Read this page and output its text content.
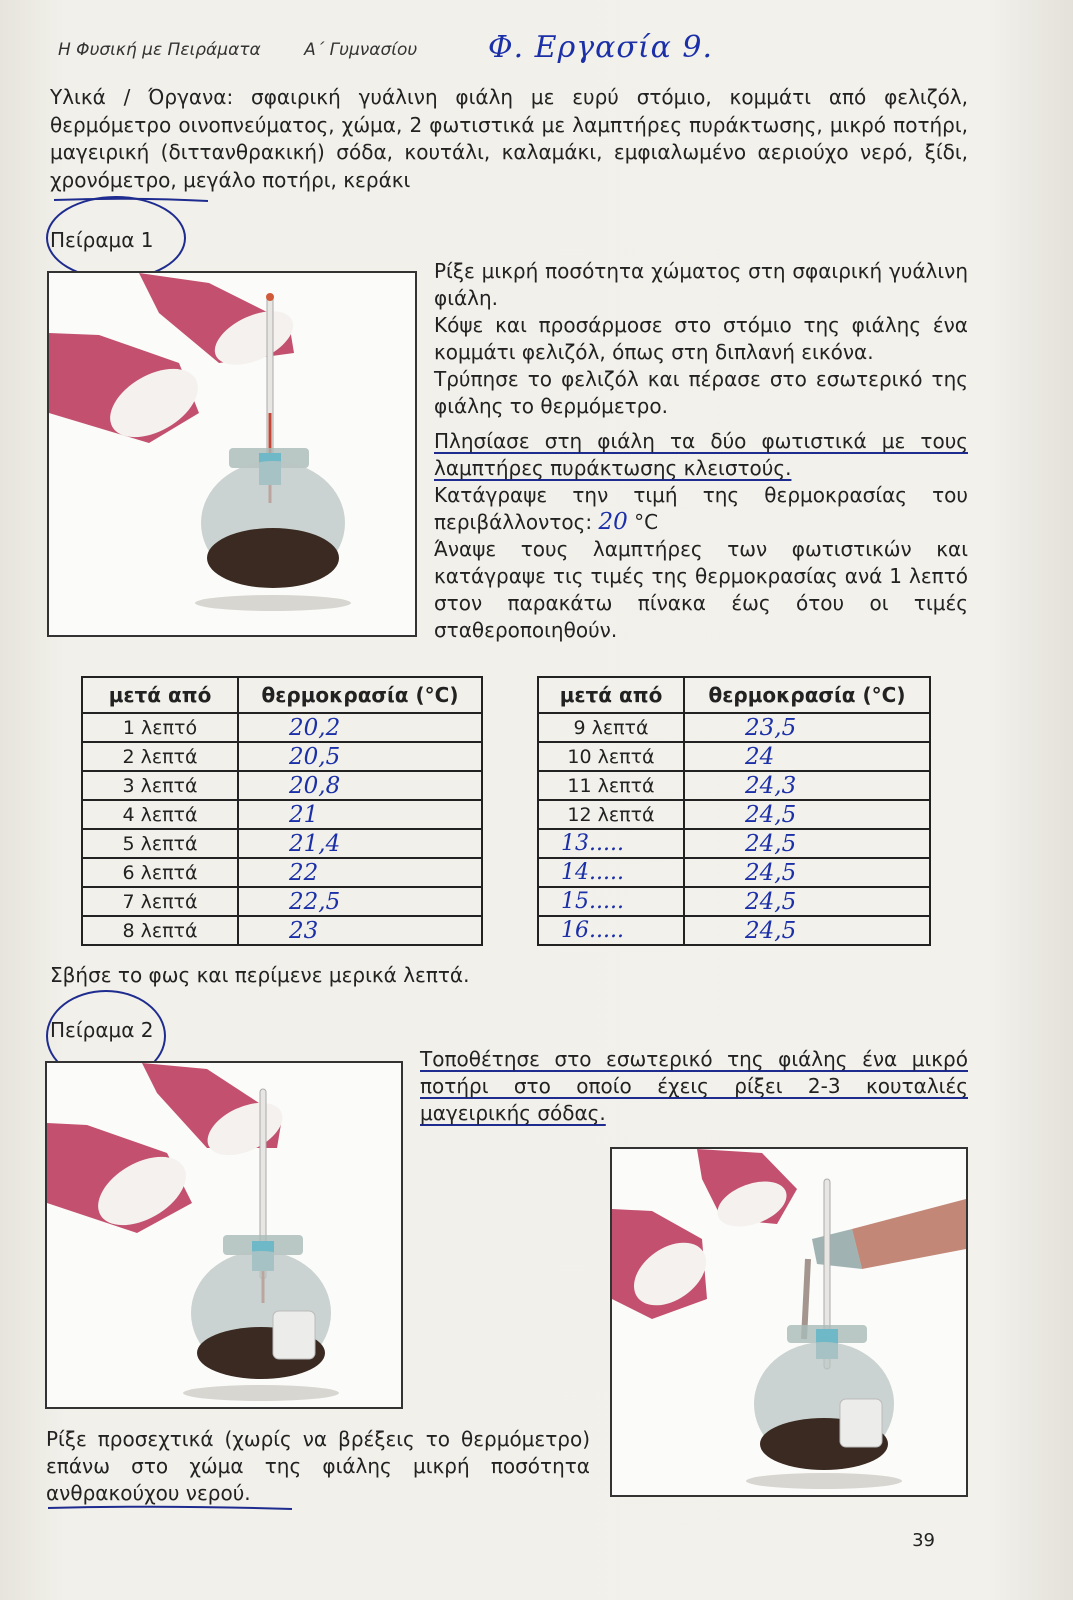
Η Φυσική με Πειράματα	Α΄ Γυμνασίου	Φ. Εργασία 9.
Υλικά / Όργανα: σφαιρική γυάλινη φιάλη με ευρύ στόμιο, κομμάτι από φελιζόλ, θερμόμετρο οινοπνεύματος, χώμα, 2 φωτιστικά με λαμπτήρες πυράκτωσης, μικρό ποτήρι, μαγειρική (διττανθρακική) σόδα, κουτάλι, καλαμάκι, εμφιαλωμένο αεριούχο νερό, ξίδι, χρονόμετρο, μεγάλο ποτήρι, κεράκι
Πείραμα 1

Ρίξε μικρή ποσότητα χώματος στη σφαιρική γυάλινη φιάλη.

Κόψε και προσάρμοσε στο στόμιο της φιάλης ένα κομμάτι φελιζόλ, όπως στη διπλανή εικόνα.

Τρύπησε το φελιζόλ και πέρασε στο εσωτερικό της φιάλης το θερμόμετρο.

Πλησίασε στη φιάλη τα δύο φωτιστικά με τους λαμπτήρες πυράκτωσης κλειστούς.

Κατάγραψε την τιμή της θερμοκρασίας του περιβάλλοντος: 20 °C

Άναψε τους λαμπτήρες των φωτιστικών και κατάγραψε τις τιμές της θερμοκρασίας ανά 1 λεπτό στον παρακάτω πίνακα έως ότου οι τιμές σταθεροποιηθούν.

μετά από	θερμοκρασία (°C)
1 λεπτό	20,2
2 λεπτά	20,5
3 λεπτά	20,8
4 λεπτά	21
5 λεπτά	21,4
6 λεπτά	22
7 λεπτά	22,5
8 λεπτά	23
μετά από	θερμοκρασία (°C)
9 λεπτά	23,5
10 λεπτά	24
11 λεπτά	24,3
12 λεπτά	24,5
13.....	24,5
14.....	24,5
15.....	24,5
16.....	24,5
Σβήσε το φως και περίμενε μερικά λεπτά.
Πείραμα 2
Τοποθέτησε στο εσωτερικό της φιάλης ένα μικρό ποτήρι στο οποίο έχεις ρίξει 2-3 κουταλιές μαγειρικής σόδας.
Ρίξε προσεχτικά (χωρίς να βρέξεις το θερμόμετρο) επάνω στο χώμα της φιάλης μικρή ποσότητα ανθρακούχου νερού.
39
